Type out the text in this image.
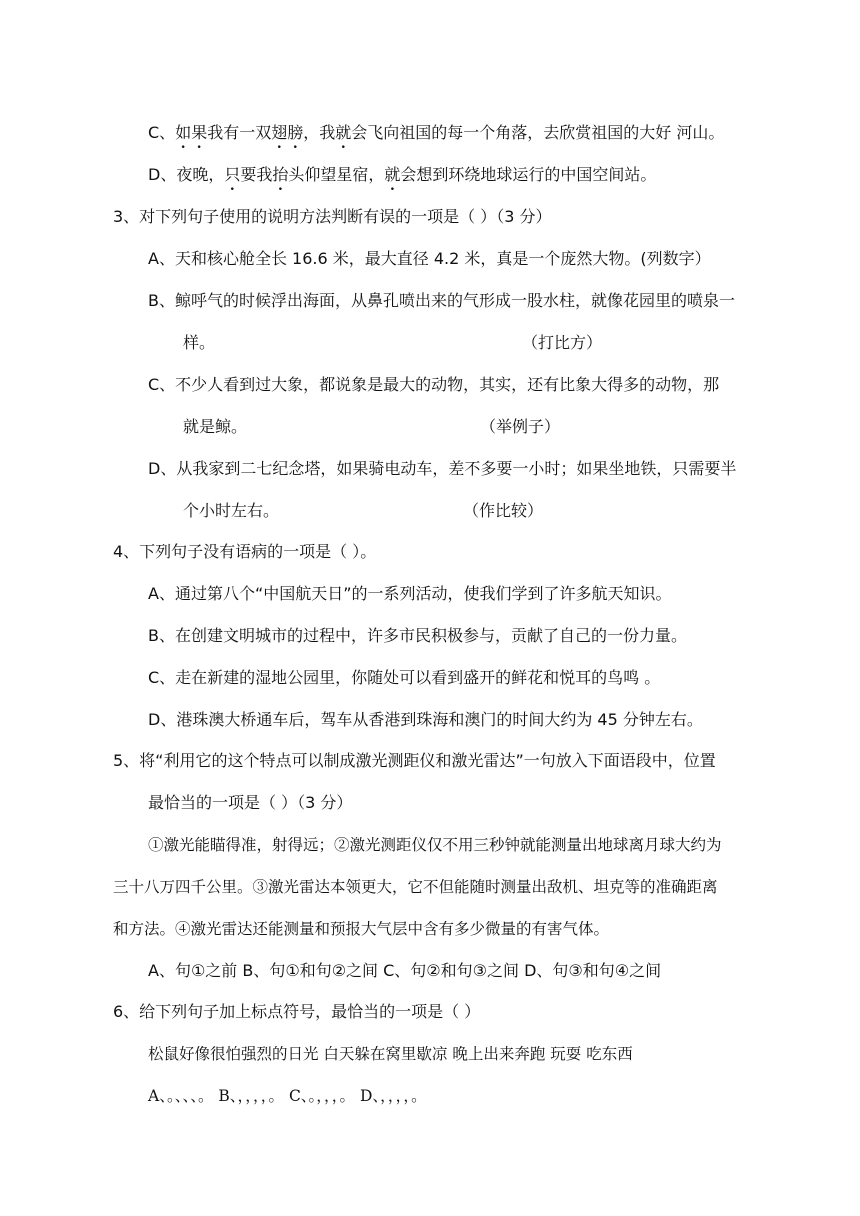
C、如果我有一双翅膀，我就会飞向祖国的每一个角落，去欣赏祖国的大好 河山。
D、夜晚，只要我抬头仰望星宿，就会想到环绕地球运行的中国空间站。
3、对下列句子使用的说明方法判断有误的一项是（ ）（3 分）
A、天和核心舱全长 16.6 米，最大直径 4.2 米，真是一个庞然大物。(列数字）
B、鲸呼气的时候浮出海面，从鼻孔喷出来的气形成一股水柱，就像花园里的喷泉一
样。	（打比方）
C、不少人看到过大象，都说象是最大的动物，其实，还有比象大得多的动物，那
就是鲸。	（举例子）
D、从我家到二七纪念塔，如果骑电动车，差不多要一小时；如果坐地铁，只需要半
个小时左右。	（作比较）
4、下列句子没有语病的一项是（ ）。
A、通过第八个“中国航天日”的一系列活动，使我们学到了许多航天知识。
B、在创建文明城市的过程中，许多市民积极参与，贡献了自己的一份力量。
C、走在新建的湿地公园里，你随处可以看到盛开的鲜花和悦耳的鸟鸣 。
D、港珠澳大桥通车后，驾车从香港到珠海和澳门的时间大约为 45 分钟左右。
5、将“利用它的这个特点可以制成激光测距仪和激光雷达”一句放入下面语段中，位置
最恰当的一项是（ ）（3 分）
①激光能瞄得准，射得远；②激光测距仪仅不用三秒钟就能测量出地球离月球大约为
三十八万四千公里。③激光雷达本领更大，它不但能随时测量出敌机、坦克等的准确距离
和方法。④激光雷达还能测量和预报大气层中含有多少微量的有害气体。
A、句①之前 B、句①和句②之间 C、句②和句③之间 D、句③和句④之间
6、给下列句子加上标点符号，最恰当的一项是（ ）
松鼠好像很怕强烈的日光 白天躲在窝里歇凉 晚上出来奔跑 玩耍 吃东西
A、。、、、。 B、，，，，。 C、。，，，。 D、，，，，。
